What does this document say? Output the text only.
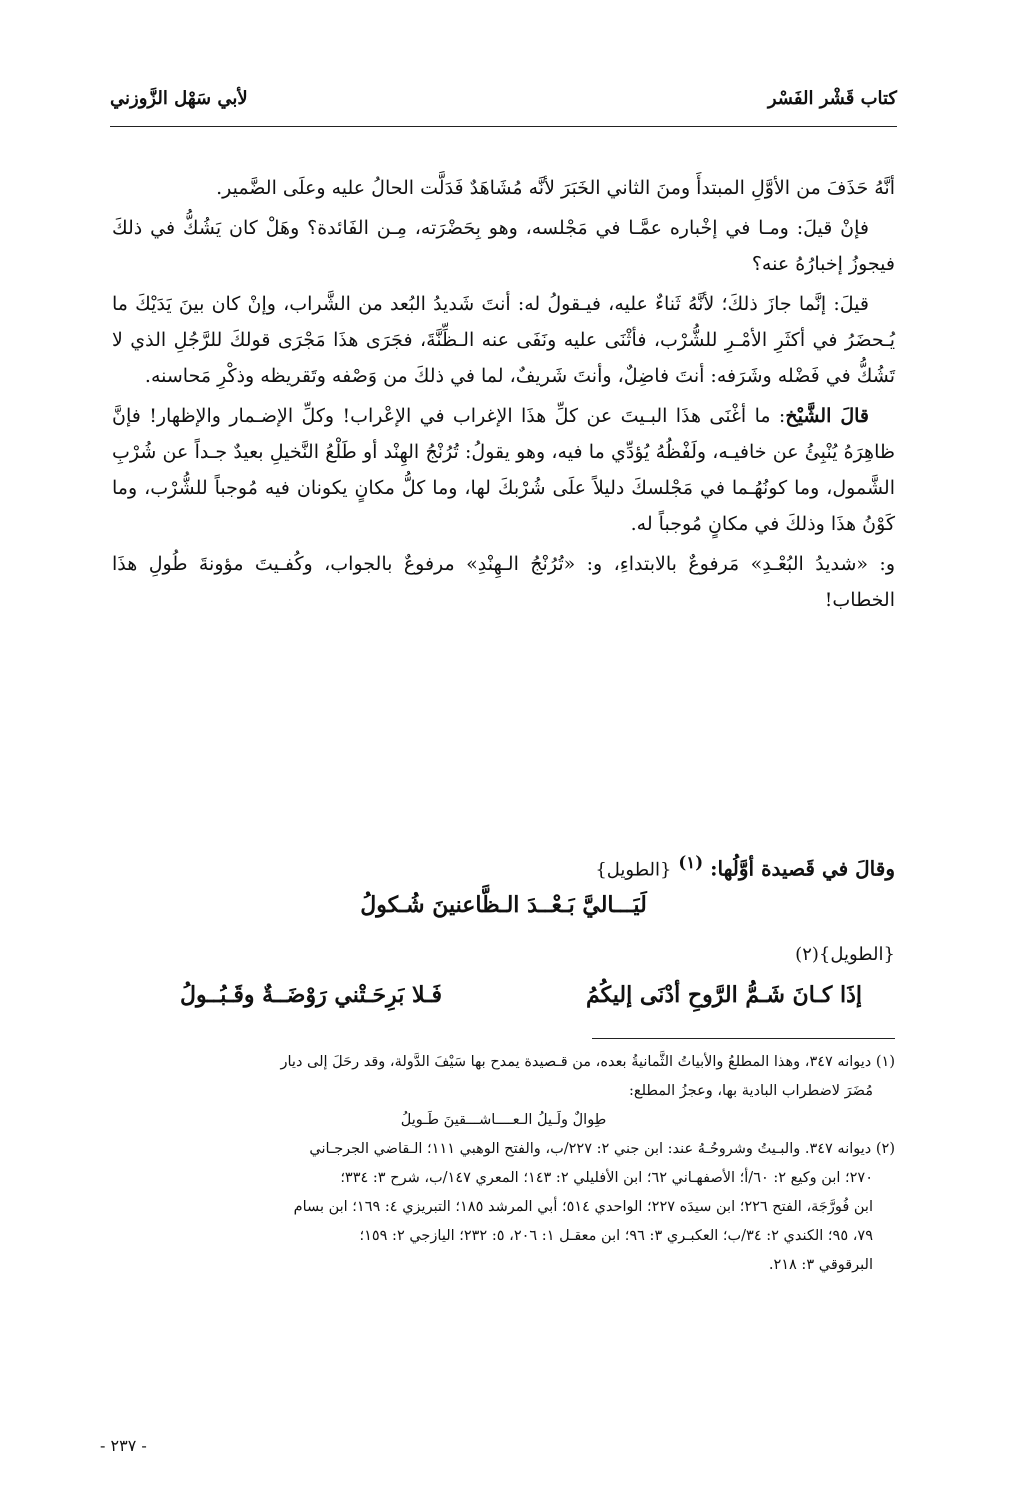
كتاب قَشْر الفَسْر
لأبي سَهْل الزَّوزني

أنَّهُ حَذَفَ من الأوَّلِ المبتدأَ ومنَ الثاني الخَبَرَ لأنَّه مُشَاهَدٌ فَدَلَّت الحالُ عليه وعلَى الضَّمير.

فإنْ قيلَ: ومـا في إخْباره عمَّـا في مَجْلسه، وهو بِحَضْرَته، مِـن الفَائدة؟ وهَلْ كان يَشُكُّ في ذلكَ فيجوزُ إخبارُهُ عنه؟

قيلَ: إنَّما جازَ ذلكَ؛ لأنَّهُ ثَناءٌ عليه، فيـقولُ له: أنتَ شَديدُ البُعد من الشَّراب، وإنْ كان بينَ يَدَيْكَ ما يُـحضَرُ في أكثَرِ الأمْـرِ للشُّرْب، فأثْنَى عليه ونَفَى عنه الـظِّنَّةَ، فجَرَى هذَا مَجْرَى قولكَ للرَّجُلِ الذي لا تَشُكُّ في فَضْله وشَرَفه: أنتَ فاضِلٌ، وأنتَ شَريفٌ، لما في ذلكَ من وَصْفه وتَقريظه وذكْرِ مَحاسنه.

قالَ الشَّيْخ: ما أغْنَى هذَا البـيتَ عن كلِّ هذَا الإغراب في الإعْراب! وكلِّ الإضـمار والإظهار! فإنَّ ظاهِرَهُ يُنْبِئُ عن خافيـه، ولَفْظُهُ يُؤدِّي ما فيه، وهو يقولُ: تُرُنْجُ الهِنْد أو طَلْعُ النَّخيلِ بعيدٌ جـداً عن شُرْبِ الشَّمول، وما كونُهُـما في مَجْلسكَ دليلاً علَى شُرْبكَ لها، وما كلُّ مكانٍ يكونان فيه مُوجباً للشُّرْب، وما كَوْنُ هذَا وذلكَ في مكانٍ مُوجباً له.

و: «شديدُ البُعْـدِ» مَرفوعٌ بالابتداءِ، و: «تُرُنْجُ الـهِنْدِ» مرفوعٌ بالجواب، وكُفـيتَ مؤونةَ طُولِ هذَا الخطاب!

وقالَ في قَصيدة أوَّلُها: $^{(١)}$ {الطويل}
لَيَـــاليَّ بَـعْــدَ الـظَّاعنينَ شُـكولُ
{الطويل}(٢)
إذَا كـانَ شَـمُّ الرَّوحِ أدْنَى إليكُمُ
فَـلا بَرِحَـتْني رَوْضَــةٌ وقَـبُــولُ

(١) ديوانه ٣٤٧، وهذا المطلعُ والأبياتُ الثَّمانيةُ بعده، من قـصيدة يمدح بها سَيْفَ الدَّولة، وقد رحَلَ إلى ديار

مُضَرَ لاضطراب البادية بها، وعجزُ المطلع:

طِوالٌ ولَـيلُ الـعــــاشـــقينَ طَـويلُ

(٢) ديوانه ٣٤٧. والبـيتُ وشروحُـهُ عند: ابن جني ٢: ٢٢٧/ب، والفتح الوهبي ١١١؛ الـقاضي الجرجـاني

٢٧٠؛ ابن وكيع ٢: ٦٠/أ؛ الأصفهـاني ٦٢؛ ابن الأفليلي ٢: ١٤٣؛ المعري ١٤٧/ب، شرح ٣: ٣٣٤؛

ابن فُورَّجَة، الفتح ٢٢٦؛ ابن سيدَه ٢٢٧؛ الواحدي ٥١٤؛ أبي المرشد ١٨٥؛ التبريزي ٤: ١٦٩؛ ابن بسام

٧٩، ٩٥؛ الكندي ٢: ٣٤/ب؛ العكبـري ٣: ٩٦؛ ابن معقـل ١: ٢٠٦، ٥: ٢٣٢؛ اليازجي ٢: ١٥٩؛

البرقوقي ٣: ٢١٨.

- ٢٣٧ -
